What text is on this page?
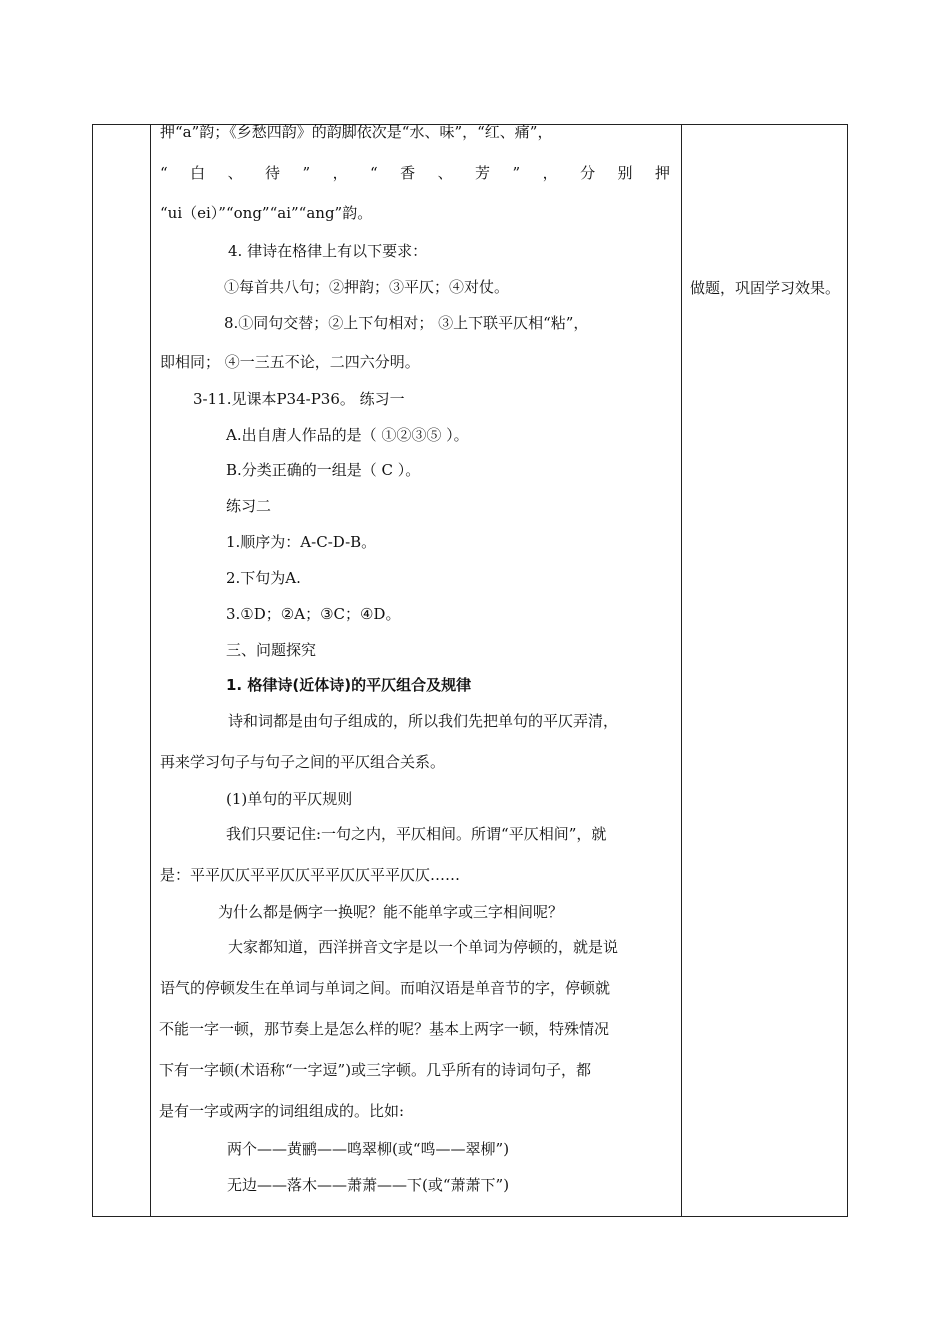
押“a”韵；《乡愁四韵》的韵脚依次是“水、味”，“红、痛”，
“ 白 、 待 ” ， “ 香 、 芳 ” ， 分 别 押
“ui（ei）”“ong”“ai”“ang”韵。
4. 律诗在格律上有以下要求：
①每首共八句；②押韵；③平仄；④对仗。
8.①同句交替；②上下句相对； ③上下联平仄相“粘”，
即相同； ④一三五不论，二四六分明。
3-11.见课本P34-P36。 练习一
A.出自唐人作品的是（ ①②③⑤ ）。
B.分类正确的一组是（ C ）。
练习二
1.顺序为：A-C-D-B。
2.下句为A.
3.①D；②A；③C；④D。
三、问题探究
1. 格律诗(近体诗)的平仄组合及规律
诗和词都是由句子组成的，所以我们先把单句的平仄弄清，
再来学习句子与句子之间的平仄组合关系。
(1)单句的平仄规则
我们只要记住:一句之内，平仄相间。所谓“平仄相间”，就
是：平平仄仄平平仄仄平平仄仄平平仄仄……
为什么都是俩字一换呢？能不能单字或三字相间呢？
大家都知道，西洋拼音文字是以一个单词为停顿的，就是说
语气的停顿发生在单词与单词之间。而咱汉语是单音节的字，停顿就
做题，巩固学习效果。
不能一字一顿，那节奏上是怎么样的呢？基本上两字一顿，特殊情况
下有一字顿(术语称“一字逗”)或三字顿。几乎所有的诗词句子，都
是有一字或两字的词组组成的。比如:
两个——黄鹂——鸣翠柳(或“鸣——翠柳”)
无边——落木——萧萧——下(或“萧萧下”)
